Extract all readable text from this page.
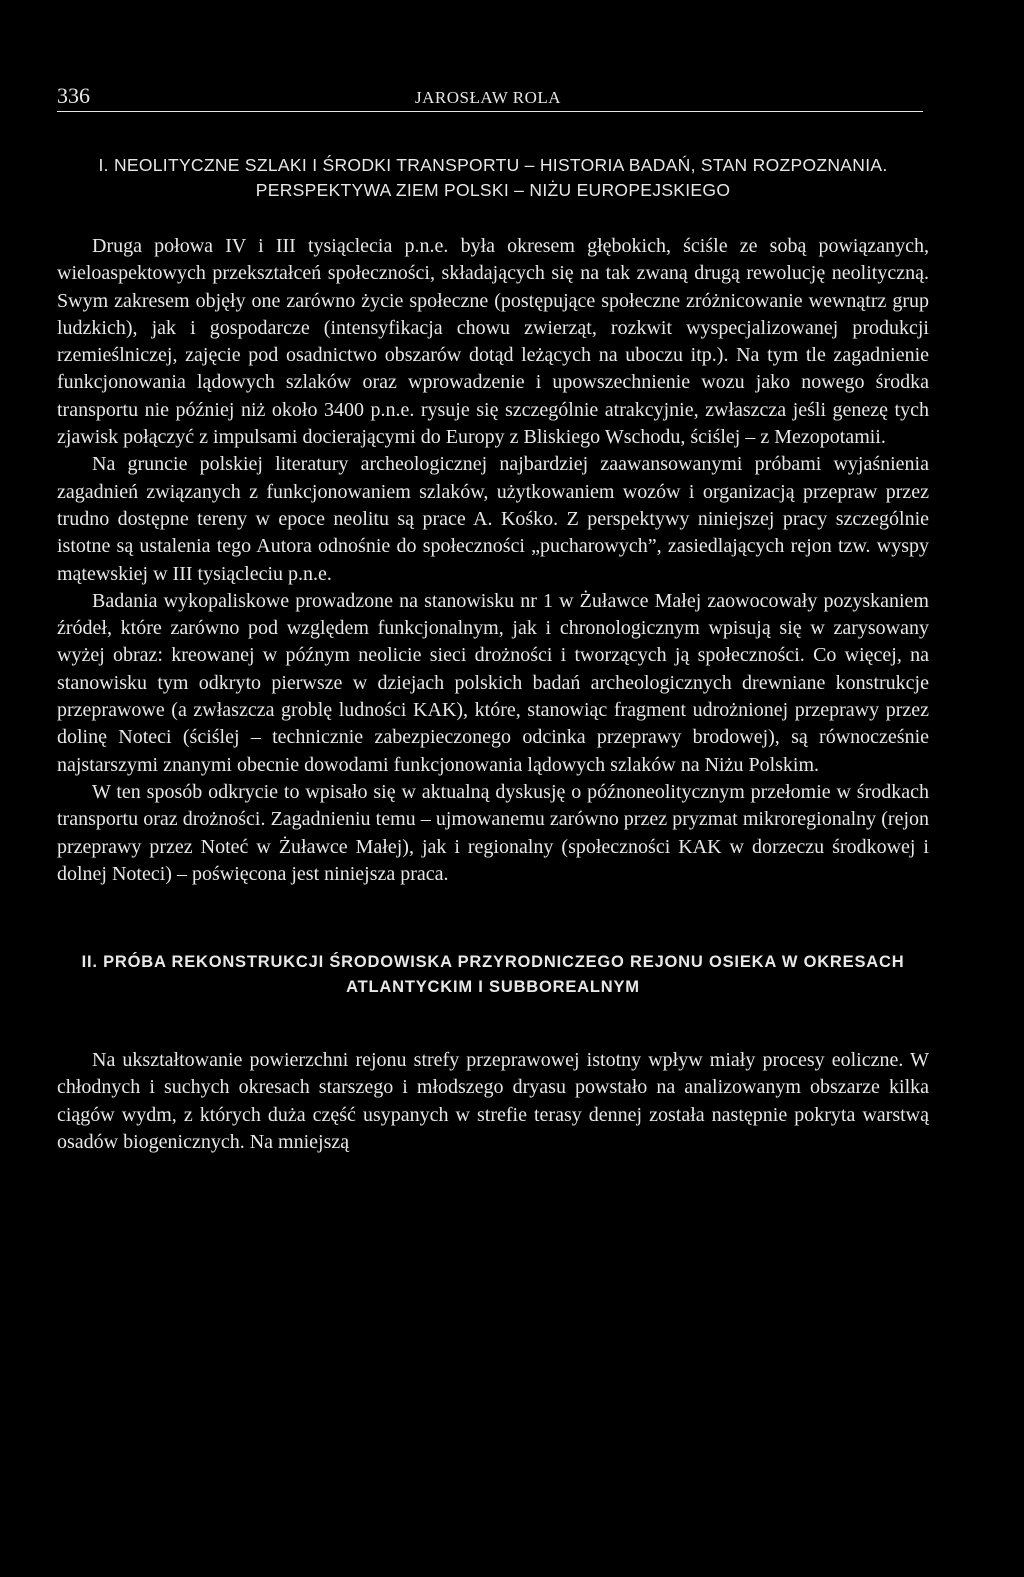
336	JAROSŁAW ROLA
I. NEOLITYCZNE SZLAKI I ŚRODKI TRANSPORTU – HISTORIA BADAŃ, STAN ROZPOZNANIA. PERSPEKTYWA ZIEM POLSKI – NIŻU EUROPEJSKIEGO

Druga połowa IV i III tysiąclecia p.n.e. była okresem głębokich, ściśle ze sobą powiązanych, wieloaspektowych przekształceń społeczności, składających się na tak zwaną drugą rewolucję neolityczną. Swym zakresem objęły one zarówno życie społeczne (postępujące społeczne zróżnicowanie wewnątrz grup ludzkich), jak i gospodarcze (intensyfikacja chowu zwierząt, rozkwit wyspecjalizowanej produkcji rzemieślniczej, zajęcie pod osadnictwo obszarów dotąd leżących na uboczu itp.). Na tym tle zagadnienie funkcjonowania lądowych szlaków oraz wprowadzenie i upowszechnienie wozu jako nowego środka transportu nie później niż około 3400 p.n.e. rysuje się szczególnie atrakcyjnie, zwłaszcza jeśli genezę tych zjawisk połączyć z impulsami docierającymi do Europy z Bliskiego Wschodu, ściślej – z Mezopotamii.

Na gruncie polskiej literatury archeologicznej najbardziej zaawansowanymi próbami wyjaśnienia zagadnień związanych z funkcjonowaniem szlaków, użytkowaniem wozów i organizacją przepraw przez trudno dostępne tereny w epoce neolitu są prace A. Kośko. Z perspektywy niniejszej pracy szczególnie istotne są ustalenia tego Autora odnośnie do społeczności „pucharowych”, zasiedlających rejon tzw. wyspy mątewskiej w III tysiącleciu p.n.e.

Badania wykopaliskowe prowadzone na stanowisku nr 1 w Żuławce Małej zaowocowały pozyskaniem źródeł, które zarówno pod względem funkcjonalnym, jak i chronologicznym wpisują się w zarysowany wyżej obraz: kreowanej w późnym neolicie sieci drożności i tworzących ją społeczności. Co więcej, na stanowisku tym odkryto pierwsze w dziejach polskich badań archeologicznych drewniane konstrukcje przeprawowe (a zwłaszcza groblę ludności KAK), które, stanowiąc fragment udrożnionej przeprawy przez dolinę Noteci (ściślej – technicznie zabezpieczonego odcinka przeprawy brodowej), są równocześnie najstarszymi znanymi obecnie dowodami funkcjonowania lądowych szlaków na Niżu Polskim.

W ten sposób odkrycie to wpisało się w aktualną dyskusję o późnoneolitycznym przełomie w środkach transportu oraz drożności. Zagadnieniu temu – ujmowanemu zarówno przez pryzmat mikroregionalny (rejon przeprawy przez Noteć w Żuławce Małej), jak i regionalny (społeczności KAK w dorzeczu środkowej i dolnej Noteci) – poświęcona jest niniejsza praca.

II. PRÓBA REKONSTRUKCJI ŚRODOWISKA PRZYRODNICZEGO REJONU OSIEKA W OKRESACH ATLANTYCKIM I SUBBOREALNYM

Na ukształtowanie powierzchni rejonu strefy przeprawowej istotny wpływ miały procesy eoliczne. W chłodnych i suchych okresach starszego i młodszego dryasu powstało na analizowanym obszarze kilka ciągów wydm, z których duża część usypanych w strefie terasy dennej została następnie pokryta warstwą osadów biogenicznych. Na mniejszą
